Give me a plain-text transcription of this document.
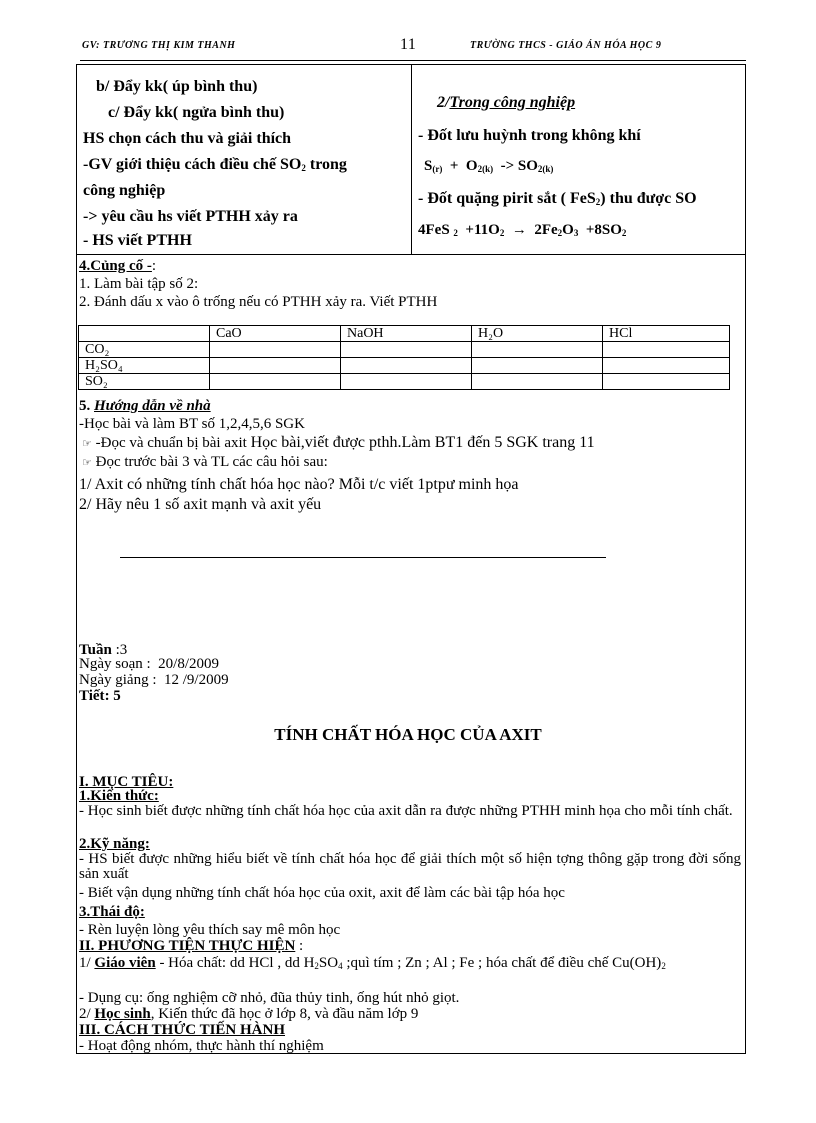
GV: TRƯƠNG THỊ KIM THANH	11	TRƯỜNG THCS - GIÁO ÁN HÓA HỌC 9
b/ Đẩy kk( úp bình thu)
c/ Đẩy kk( ngửa bình thu)
HS chọn cách thu và giải thích
-GV giới thiệu cách điều chế $SO_2$ trong
công nghiệp
-> yêu cầu hs viết PTHH xảy ra
- HS viết PTHH
2/Trong công nghiệp
- Đốt lưu huỳnh trong không khí
$S_{(r)} + O_{2(k)} -> SO_{2(k)}$
- Đốt quặng pirit sắt ( FeS$_2$) thu được SO
4FeS $_2 +11O_2 \to 2Fe_2O_3 +8SO_2$
4.Củng cố -:
1. Làm bài tập số 2:
2. Đánh dấu x vào ô trống nếu có PTHH xảy ra. Viết PTHH
	CaO	NaOH	H₂O	HCl
CO₂				
H₂SO₄				
SO₂				
5. Hướng dẫn về nhà
-Học bài và làm BT số 1,2,4,5,6 SGK
☞ -Đọc và chuẩn bị bài axit Học bài,viết được pthh.Làm BT1 đến 5 SGK trang 11
☞ Đọc trước bài 3 và TL các câu hỏi sau:
1/ Axit có những tính chất hóa học nào? Mỗi t/c viết 1ptpư minh họa
2/ Hãy nêu 1 số axit mạnh và axit yếu
Tuần :3
Ngày soạn : 20/8/2009
Ngày giảng : 12 /9/2009
Tiết: 5
TÍNH CHẤT HÓA HỌC CỦA AXIT
I. MỤC TIÊU:
1.Kiến thức:
- Học sinh biết được những tính chất hóa học của axit dẫn ra được những PTHH minh họa cho mỗi tính chất.
2.Kỹ năng:
- HS biết được những hiểu biết về tính chất hóa học để giải thích một số hiện tợng thông gặp trong đời sống sản xuất
- Biết vận dụng những tính chất hóa học của oxit, axit để làm các bài tập hóa học
3.Thái độ:
- Rèn luyện lòng yêu thích say mê môn học
II. PHƯƠNG TIỆN THỰC HIỆN :
1/ Giáo viên - Hóa chất: dd HCl , dd $H_2SO_4$ ;quì tím ; Zn ; Al ; Fe ; hóa chất để điều chế $Cu(OH)_2$
- Dụng cụ: ống nghiệm cỡ nhỏ, đũa thủy tinh, ống hút nhỏ giọt.
2/ Học sinh, Kiến thức đã học ở lớp 8, và đầu năm lớp 9
III. CÁCH THỨC TIẾN HÀNH
- Hoạt động nhóm, thực hành thí nghiệm
